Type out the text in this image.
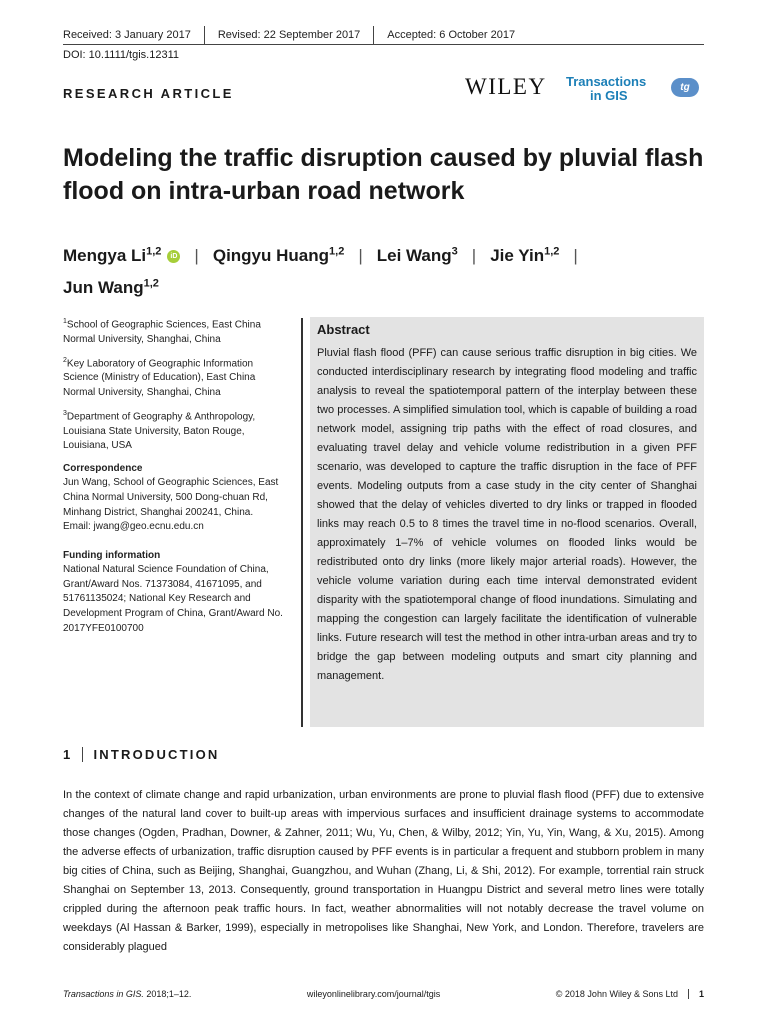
Received: 3 January 2017 Revised: 22 September 2017 Accepted: 6 October 2017
DOI: 10.1111/tgis.12311
RESEARCH ARTICLE	WILEY Transactions
in GIS
tg
Modeling the traffic disruption caused by pluvial flash flood on intra-urban road network
Mengya Li$^{1,2}$ iD | Qingyu Huang$^{1,2}$ | Lei Wang$^3$ | Jie Yin$^{1,2}$ |
Jun Wang$^{1,2}$
$^1$School of Geographic Sciences, East China Normal University, Shanghai, China
$^2$Key Laboratory of Geographic Information Science (Ministry of Education), East China Normal University, Shanghai, China
$^3$Department of Geography & Anthropology, Louisiana State University, Baton Rouge, Louisiana, USA
Correspondence
Jun Wang, School of Geographic Sciences, East China Normal University, 500 Dong-chuan Rd, Minhang District, Shanghai 200241, China.
Email: jwang@geo.ecnu.edu.cn
Funding information
National Natural Science Foundation of China, Grant/Award Nos. 71373084, 41671095, and 51761135024; National Key Research and Development Program of China, Grant/Award No. 2017YFE0100700
Abstract
Pluvial flash flood (PFF) can cause serious traffic disruption in big cities. We conducted interdisciplinary research by integrating flood modeling and traffic analysis to reveal the spatiotemporal pattern of the interplay between these two processes. A simplified simulation tool, which is capable of building a road network model, assigning trip paths with the effect of road closures, and evaluating travel delay and vehicle volume redistribution in a given PFF scenario, was developed to capture the traffic disruption in the face of PFF events. Modeling outputs from a case study in the city center of Shanghai showed that the delay of vehicles diverted to dry links or trapped in flooded links may reach 0.5 to 8 times the travel time in no-flood scenarios. Overall, approximately 1–7% of vehicle volumes on flooded links would be redistributed onto dry links (more likely major arterial roads). However, the vehicle volume variation during each time interval demonstrated evident disparity with the spatiotemporal change of flood inundations. Simulating and mapping the congestion can largely facilitate the identification of vulnerable links. Future research will test the method in other intra-urban areas and try to bridge the gap between modeling outputs and smart city planning and management.
1 INTRODUCTION
In the context of climate change and rapid urbanization, urban environments are prone to pluvial flash flood (PFF) due to extensive changes of the natural land cover to built-up areas with impervious surfaces and insufficient drainage systems to accommodate those changes (Ogden, Pradhan, Downer, & Zahner, 2011; Wu, Yu, Chen, & Wilby, 2012; Yin, Yu, Yin, Wang, & Xu, 2015). Among the adverse effects of urbanization, traffic disruption caused by PFF events is in particular a frequent and stubborn problem in many big cities of China, such as Beijing, Shanghai, Guangzhou, and Wuhan (Zhang, Li, & Shi, 2012). For example, torrential rain struck Shanghai on September 13, 2013. Consequently, ground transportation in Huangpu District and several metro lines were totally crippled during the afternoon peak traffic hours. In fact, weather abnormalities will not notably decrease the travel volume on weekdays (Al Hassan & Barker, 1999), especially in metropolises like Shanghai, New York, and London. Therefore, travelers are considerably plagued
Transactions in GIS. 2018;1–12.	wileyonlinelibrary.com/journal/tgis	© 2018 John Wiley & Sons Ltd 1
